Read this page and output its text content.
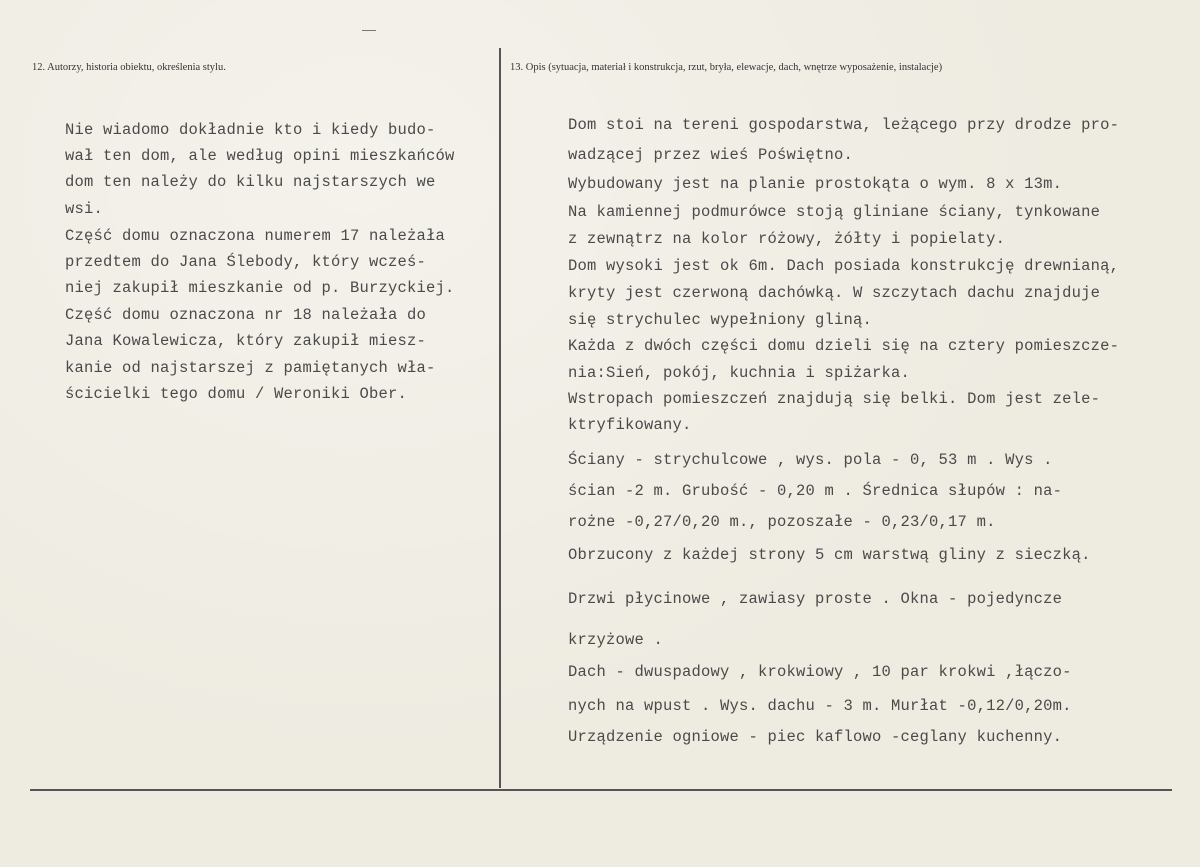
12. Autorzy, historia obiektu, określenia stylu.	13. Opis (sytuacja, materiał i konstrukcja, rzut, bryła, elewacje, dach, wnętrze wyposażenie, instalacje)
Nie wiadomo dokładnie kto i kiedy budo-
wał ten dom, ale według opini mieszkańców
dom ten należy do kilku najstarszych we
wsi.
Część domu oznaczona numerem 17 należała
przedtem do Jana Ślebody, który wcześ-
niej zakupił mieszkanie od p. Burzyckiej.
Część domu oznaczona nr 18 należała do
Jana Kowalewicza, który zakupił miesz-
kanie od najstarszej z pamiętanych wła-
ścicielki tego domu / Weroniki Ober.
Dom stoi na tereni gospodarstwa, leżącego przy drodze pro-
wadzącej przez wieś Poświętno.
Wybudowany jest na planie prostokąta o wym. 8 x 13m.
Na kamiennej podmurówce stoją gliniane ściany, tynkowane
z zewnątrz na kolor różowy, żółty i popielaty.
Dom wysoki jest ok 6m. Dach posiada konstrukcję drewnianą,
kryty jest czerwoną dachówką. W szczytach dachu znajduje
się strychulec wypełniony gliną.
Każda z dwóch części domu dzieli się na cztery pomieszcze-
nia:Sień, pokój, kuchnia i spiżarka.
Wstropach pomieszczeń znajdują się belki. Dom jest zele-
ktryfikowany.
Ściany - strychulcowe , wys. pola - 0, 53 m . Wys .
ścian -2 m. Grubość - 0,20 m . Średnica słupów : na-
rożne -0,27/0,20 m., pozoszałe - 0,23/0,17 m.
Obrzucony z każdej strony 5 cm warstwą gliny z sieczką.
Drzwi płycinowe , zawiasy proste . Okna - pojedyncze
krzyżowe .
Dach - dwuspadowy , krokwiowy , 10 par krokwi ,łączo-
nych na wpust . Wys. dachu - 3 m. Murłat -0,12/0,20m.
Urządzenie ogniowe - piec kaflowo -ceglany kuchenny.
